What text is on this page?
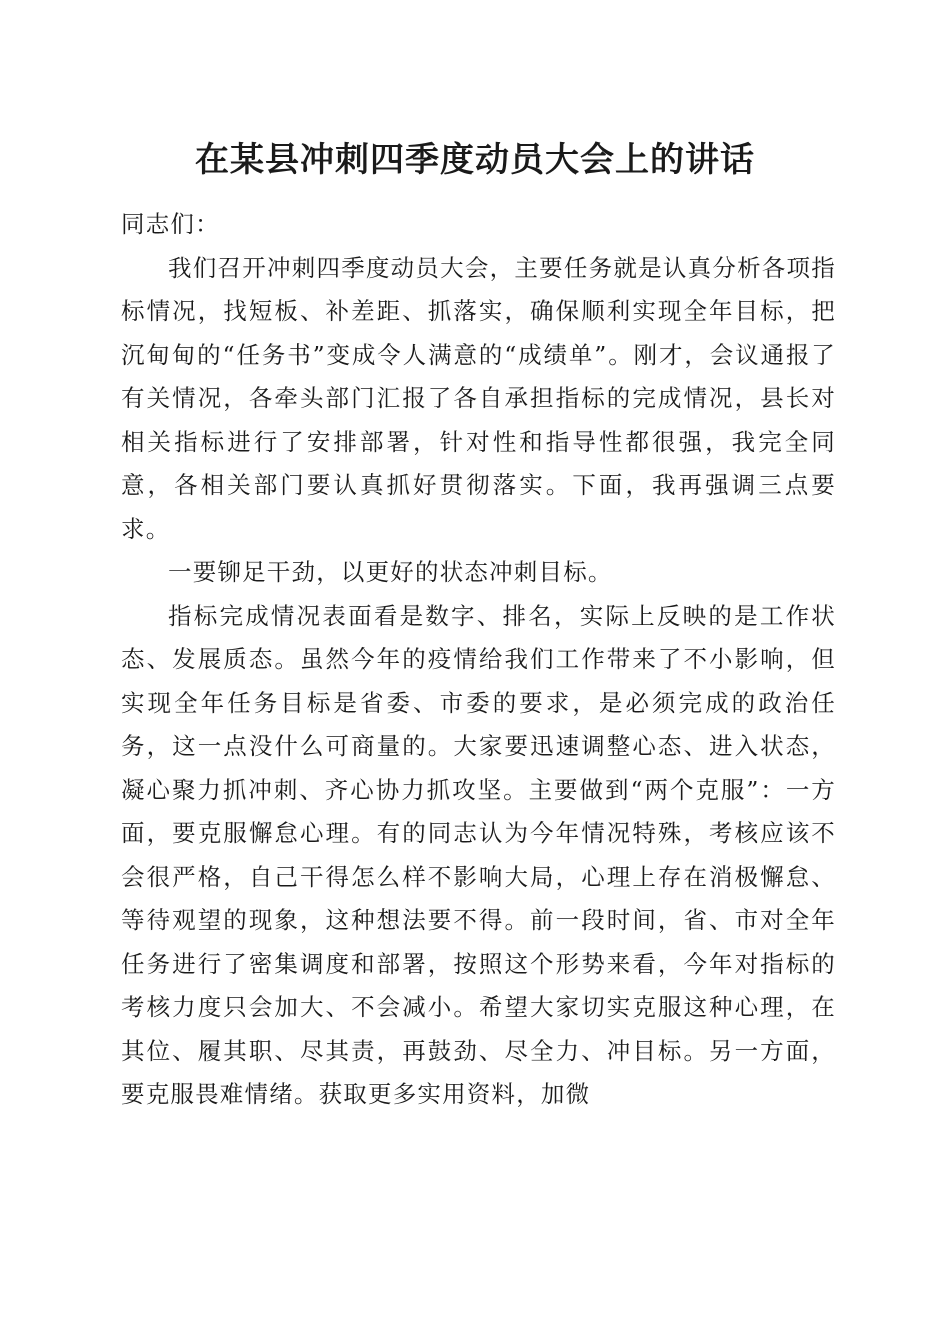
在某县冲刺四季度动员大会上的讲话

同志们：

我们召开冲刺四季度动员大会，主要任务就是认真分析各项指标情况，找短板、补差距、抓落实，确保顺利实现全年目标，把沉甸甸的“任务书”变成令人满意的“成绩单”。刚才，会议通报了有关情况，各牵头部门汇报了各自承担指标的完成情况，县长对相关指标进行了安排部署，针对性和指导性都很强，我完全同意，各相关部门要认真抓好贯彻落实。下面，我再强调三点要求。

一要铆足干劲，以更好的状态冲刺目标。

指标完成情况表面看是数字、排名，实际上反映的是工作状态、发展质态。虽然今年的疫情给我们工作带来了不小影响，但实现全年任务目标是省委、市委的要求，是必须完成的政治任务，这一点没什么可商量的。大家要迅速调整心态、进入状态，凝心聚力抓冲刺、齐心协力抓攻坚。主要做到“两个克服”：一方面，要克服懈怠心理。有的同志认为今年情况特殊，考核应该不会很严格，自己干得怎么样不影响大局，心理上存在消极懈怠、等待观望的现象，这种想法要不得。前一段时间，省、市对全年任务进行了密集调度和部署，按照这个形势来看，今年对指标的考核力度只会加大、不会减小。希望大家切实克服这种心理，在其位、履其职、尽其责，再鼓劲、尽全力、冲目标。另一方面，要克服畏难情绪。获取更多实用资料，加微
